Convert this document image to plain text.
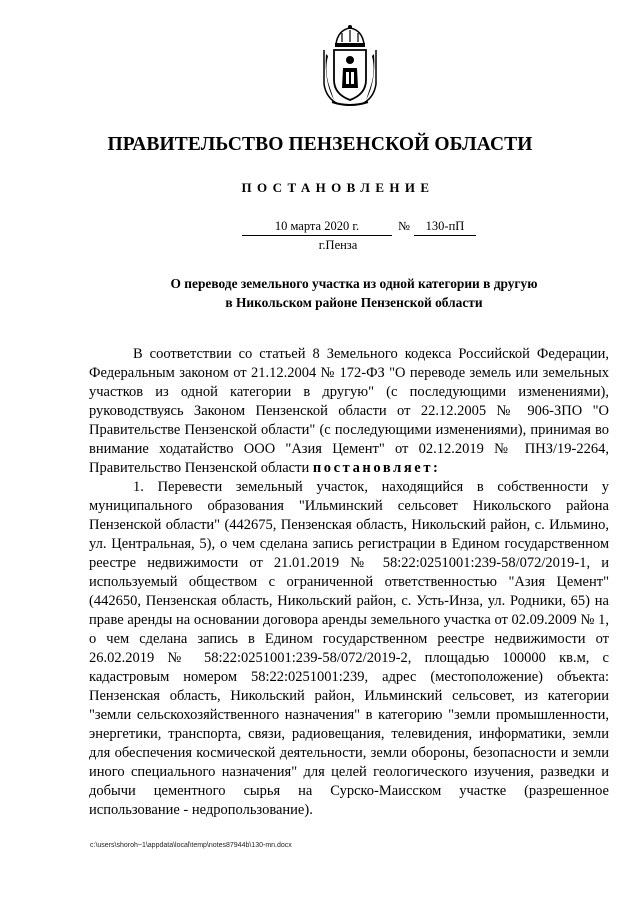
ПРАВИТЕЛЬСТВО ПЕНЗЕНСКОЙ ОБЛАСТИ
ПОСТАНОВЛЕНИЕ
10 марта 2020 г.	№	130-пП
г.Пенза
О переводе земельного участка из одной категории в другую
в Никольском районе Пензенской области

В соответствии со статьей 8 Земельного кодекса Российской Федерации, Федеральным законом от 21.12.2004 № 172-ФЗ "О переводе земель или земельных участков из одной категории в другую" (с последующими изменениями), руководствуясь Законом Пензенской области от 22.12.2005 № 906-ЗПО "О Правительстве Пензенской области" (с последующими изменениями), принимая во внимание ходатайство ООО "Азия Цемент" от 02.12.2019 № ПНЗ/19-2264, Правительство Пензенской области постановляет:

1. Перевести земельный участок, находящийся в собственности у муниципального образования "Ильминский сельсовет Никольского района Пензенской области" (442675, Пензенская область, Никольский район, с. Ильмино, ул. Центральная, 5), о чем сделана запись регистрации в Едином государственном реестре недвижимости от 21.01.2019 № 58:22:0251001:239-58/072/2019-1, и используемый обществом с ограниченной ответственностью "Азия Цемент" (442650, Пензенская область, Никольский район, с. Усть-Инза, ул. Родники, 65) на праве аренды на основании договора аренды земельного участка от 02.09.2009 № 1, о чем сделана запись в Едином государственном реестре недвижимости от 26.02.2019 № 58:22:0251001:239-58/072/2019-2, площадью 100000 кв.м, с кадастровым номером 58:22:0251001:239, адрес (местоположение) объекта: Пензенская область, Никольский район, Ильминский сельсовет, из категории "земли сельскохозяйственного назначения" в категорию "земли промышленности, энергетики, транспорта, связи, радиовещания, телевидения, информатики, земли для обеспечения космической деятельности, земли обороны, безопасности и земли иного специального назначения" для целей геологического изучения, разведки и добычи цементного сырья на Сурско-Маисском участке (разрешенное использование - недропользование).

c:\users\shoroh~1\appdata\local\temp\notes87944b\130-mn.docx
